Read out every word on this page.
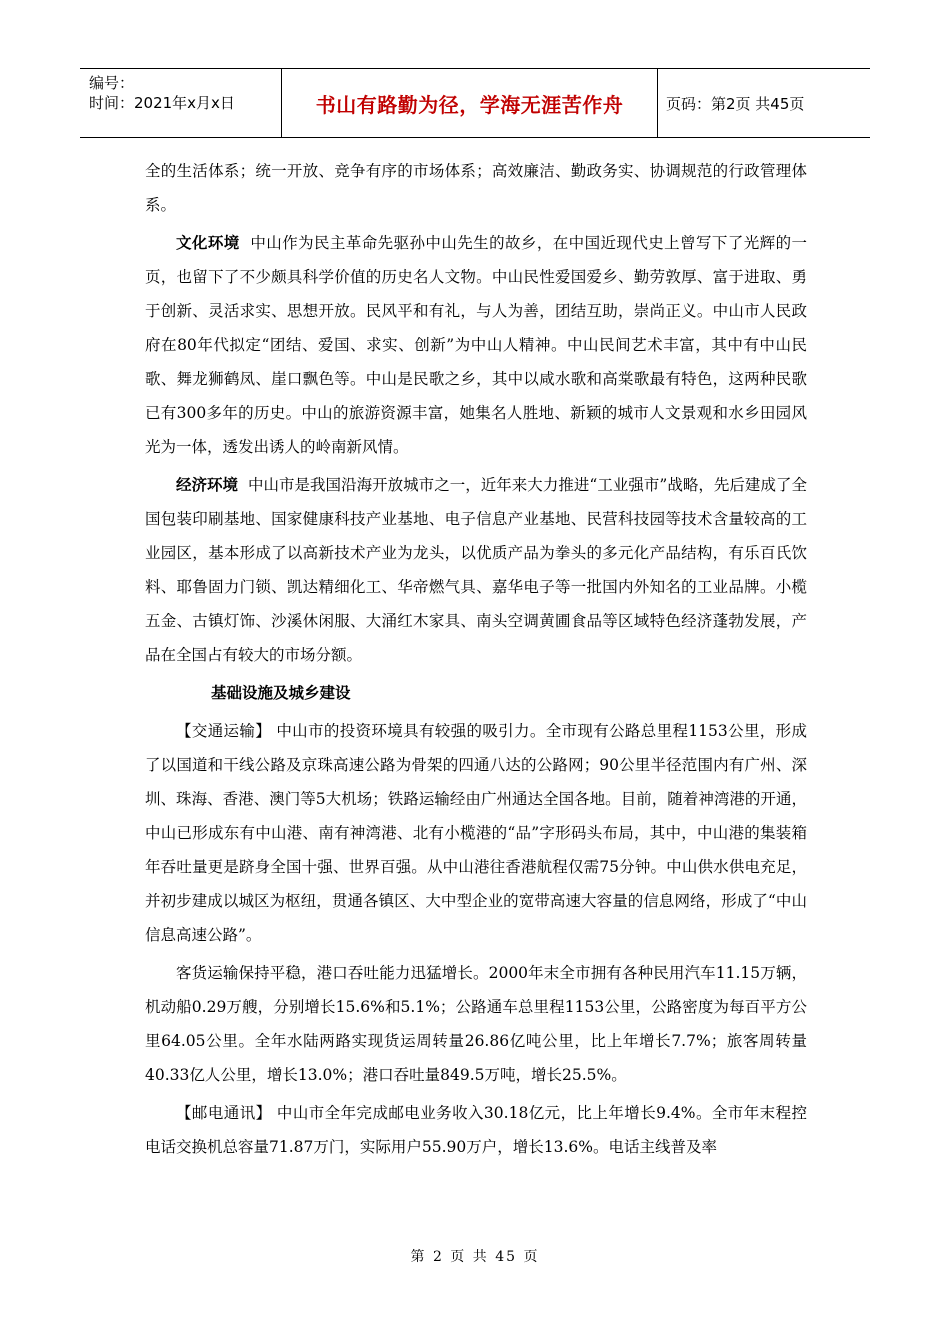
编号：
时间：2021年x月x日	书山有路勤为径，学海无涯苦作舟	页码：第2页 共45页

全的生活体系；统一开放、竞争有序的市场体系；高效廉洁、勤政务实、协调规范的行政管理体系。

文化环境 中山作为民主革命先驱孙中山先生的故乡，在中国近现代史上曾写下了光辉的一页，也留下了不少颇具科学价值的历史名人文物。中山民性爱国爱乡、勤劳敦厚、富于进取、勇于创新、灵活求实、思想开放。民风平和有礼，与人为善，团结互助，崇尚正义。中山市人民政府在80年代拟定“团结、爱国、求实、创新”为中山人精神。中山民间艺术丰富，其中有中山民歌、舞龙狮鹤凤、崖口飘色等。中山是民歌之乡，其中以咸水歌和高棠歌最有特色，这两种民歌已有300多年的历史。中山的旅游资源丰富，她集名人胜地、新颖的城市人文景观和水乡田园风光为一体，透发出诱人的岭南新风情。

经济环境 中山市是我国沿海开放城市之一，近年来大力推进“工业强市”战略，先后建成了全国包装印刷基地、国家健康科技产业基地、电子信息产业基地、民营科技园等技术含量较高的工业园区，基本形成了以高新技术产业为龙头，以优质产品为拳头的多元化产品结构，有乐百氏饮料、耶鲁固力门锁、凯达精细化工、华帝燃气具、嘉华电子等一批国内外知名的工业品牌。小榄五金、古镇灯饰、沙溪休闲服、大涌红木家具、南头空调黄圃食品等区域特色经济蓬勃发展，产品在全国占有较大的市场分额。

基础设施及城乡建设

【交通运输】 中山市的投资环境具有较强的吸引力。全市现有公路总里程1153公里，形成了以国道和干线公路及京珠高速公路为骨架的四通八达的公路网；90公里半径范围内有广州、深圳、珠海、香港、澳门等5大机场；铁路运输经由广州通达全国各地。目前，随着神湾港的开通，中山已形成东有中山港、南有神湾港、北有小榄港的“品”字形码头布局，其中，中山港的集装箱年吞吐量更是跻身全国十强、世界百强。从中山港往香港航程仅需75分钟。中山供水供电充足，并初步建成以城区为枢纽，贯通各镇区、大中型企业的宽带高速大容量的信息网络，形成了“中山信息高速公路”。

客货运输保持平稳，港口吞吐能力迅猛增长。2000年末全市拥有各种民用汽车11.15万辆，机动船0.29万艘，分别增长15.6%和5.1%；公路通车总里程1153公里，公路密度为每百平方公里64.05公里。全年水陆两路实现货运周转量26.86亿吨公里，比上年增长7.7%；旅客周转量40.33亿人公里，增长13.0%；港口吞吐量849.5万吨，增长25.5%。

【邮电通讯】 中山市全年完成邮电业务收入30.18亿元，比上年增长9.4%。全市年末程控电话交换机总容量71.87万门，实际用户55.90万户，增长13.6%。电话主线普及率

第 2 页 共 45 页
